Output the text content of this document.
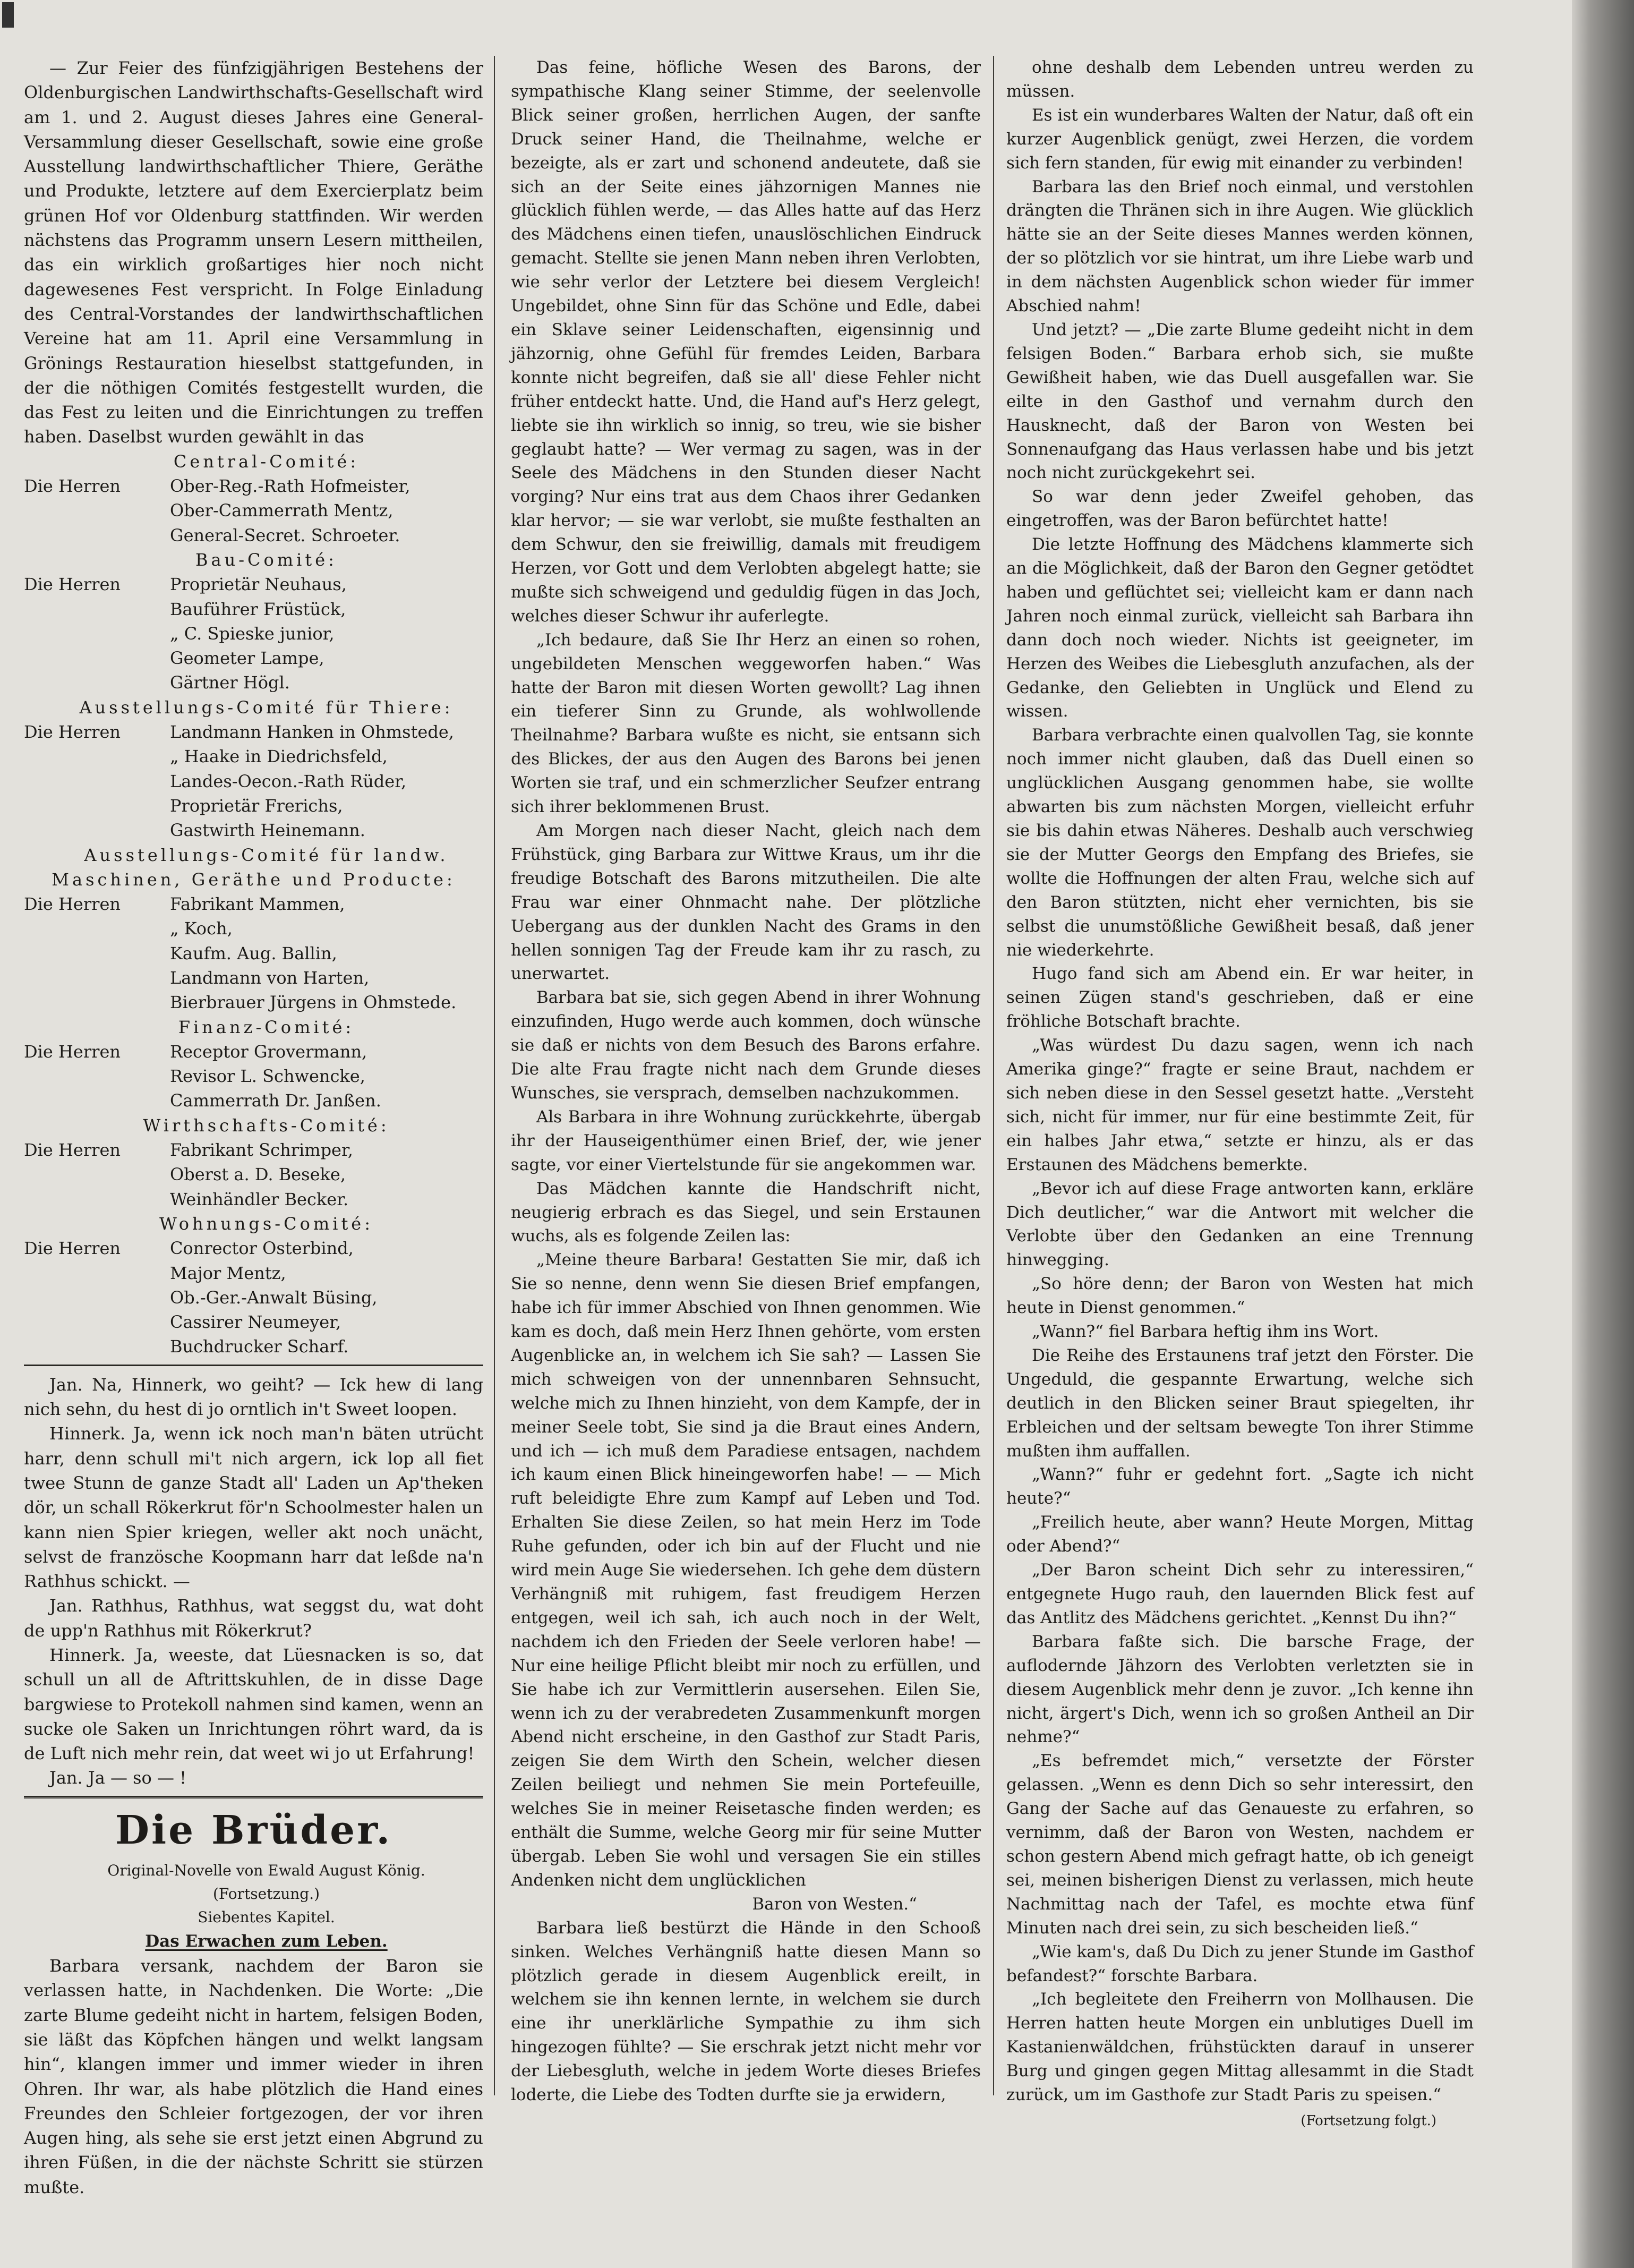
— Zur Feier des fünfzigjährigen Bestehens der Oldenburgischen Landwirthschafts-Gesellschaft wird am 1. und 2. August dieses Jahres eine General-Versammlung dieser Gesellschaft, sowie eine große Ausstellung landwirthschaftlicher Thiere, Geräthe und Produkte, letztere auf dem Exercierplatz beim grünen Hof vor Oldenburg stattfinden. Wir werden nächstens das Programm unsern Lesern mittheilen, das ein wirklich großartiges hier noch nicht dagewesenes Fest verspricht. In Folge Einladung des Central-Vorstandes der landwirthschaftlichen Vereine hat am 11. April eine Versammlung in Grönings Restauration hieselbst stattgefunden, in der die nöthigen Comités festgestellt wurden, die das Fest zu leiten und die Einrichtungen zu treffen haben. Daselbst wurden gewählt in das

Central-Comité:

Die Herren	Ober-Reg.-Rath Hofmeister,
Ober-Cammerrath Mentz,
General-Secret. Schroeter.

Bau-Comité:

Die Herren	Proprietär Neuhaus,
Bauführer Früstück,
„ C. Spieske junior,
Geometer Lampe,
Gärtner Högl.

Ausstellungs-Comité für Thiere:

Die Herren	Landmann Hanken in Ohmstede,
„ Haake in Diedrichsfeld,
Landes-Oecon.-Rath Rüder,
Proprietär Frerichs,
Gastwirth Heinemann.

Ausstellungs-Comité für landw. Maschinen, Geräthe und Producte:

Die Herren	Fabrikant Mammen,
„ Koch,
Kaufm. Aug. Ballin,
Landmann von Harten,
Bierbrauer Jürgens in Ohmstede.

Finanz-Comité:

Die Herren	Receptor Grovermann,
Revisor L. Schwencke,
Cammerrath Dr. Janßen.

Wirthschafts-Comité:

Die Herren	Fabrikant Schrimper,
Oberst a. D. Beseke,
Weinhändler Becker.

Wohnungs-Comité:

Die Herren	Conrector Osterbind,
Major Mentz,
Ob.-Ger.-Anwalt Büsing,
Cassirer Neumeyer,
Buchdrucker Scharf.

Jan. Na, Hinnerk, wo geiht? — Ick hew di lang nich sehn, du hest di jo orntlich in't Sweet loopen.

Hinnerk. Ja, wenn ick noch man'n bäten utrücht harr, denn schull mi't nich argern, ick lop all fiet twee Stunn de ganze Stadt all' Laden un Ap'theken dör, un schall Rökerkrut för'n Schoolmester halen un kann nien Spier kriegen, weller akt noch unächt, selvst de französche Koopmann harr dat leßde na'n Rathhus schickt. —

Jan. Rathhus, Rathhus, wat seggst du, wat doht de upp'n Rathhus mit Rökerkrut?

Hinnerk. Ja, weeste, dat Lüesnacken is so, dat schull un all de Aftrittskuhlen, de in disse Dage bargwiese to Protekoll nahmen sind kamen, wenn an sucke ole Saken un Inrichtungen röhrt ward, da is de Luft nich mehr rein, dat weet wi jo ut Erfahrung!

Jan. Ja — so — !

Die Brüder.

Original-Novelle von Ewald August König.

(Fortsetzung.)

Siebentes Kapitel.

Das Erwachen zum Leben.

Barbara versank, nachdem der Baron sie verlassen hatte, in Nachdenken. Die Worte: „Die zarte Blume gedeiht nicht in hartem, felsigen Boden, sie läßt das Köpfchen hängen und welkt langsam hin“, klangen immer und immer wieder in ihren Ohren. Ihr war, als habe plötzlich die Hand eines Freundes den Schleier fortgezogen, der vor ihren Augen hing, als sehe sie erst jetzt einen Abgrund zu ihren Füßen, in die der nächste Schritt sie stürzen mußte.

Das feine, höfliche Wesen des Barons, der sympathische Klang seiner Stimme, der seelenvolle Blick seiner großen, herrlichen Augen, der sanfte Druck seiner Hand, die Theilnahme, welche er bezeigte, als er zart und schonend andeutete, daß sie sich an der Seite eines jähzornigen Mannes nie glücklich fühlen werde, — das Alles hatte auf das Herz des Mädchens einen tiefen, unauslöschlichen Eindruck gemacht. Stellte sie jenen Mann neben ihren Verlobten, wie sehr verlor der Letztere bei diesem Vergleich! Ungebildet, ohne Sinn für das Schöne und Edle, dabei ein Sklave seiner Leidenschaften, eigensinnig und jähzornig, ohne Gefühl für fremdes Leiden, Barbara konnte nicht begreifen, daß sie all' diese Fehler nicht früher entdeckt hatte. Und, die Hand auf's Herz gelegt, liebte sie ihn wirklich so innig, so treu, wie sie bisher geglaubt hatte? — Wer vermag zu sagen, was in der Seele des Mädchens in den Stunden dieser Nacht vorging? Nur eins trat aus dem Chaos ihrer Gedanken klar hervor; — sie war verlobt, sie mußte festhalten an dem Schwur, den sie freiwillig, damals mit freudigem Herzen, vor Gott und dem Verlobten abgelegt hatte; sie mußte sich schweigend und geduldig fügen in das Joch, welches dieser Schwur ihr auferlegte.

„Ich bedaure, daß Sie Ihr Herz an einen so rohen, ungebildeten Menschen weggeworfen haben.“ Was hatte der Baron mit diesen Worten gewollt? Lag ihnen ein tieferer Sinn zu Grunde, als wohlwollende Theilnahme? Barbara wußte es nicht, sie entsann sich des Blickes, der aus den Augen des Barons bei jenen Worten sie traf, und ein schmerzlicher Seufzer entrang sich ihrer beklommenen Brust.

Am Morgen nach dieser Nacht, gleich nach dem Frühstück, ging Barbara zur Wittwe Kraus, um ihr die freudige Botschaft des Barons mitzutheilen. Die alte Frau war einer Ohnmacht nahe. Der plötzliche Uebergang aus der dunklen Nacht des Grams in den hellen sonnigen Tag der Freude kam ihr zu rasch, zu unerwartet.

Barbara bat sie, sich gegen Abend in ihrer Wohnung einzufinden, Hugo werde auch kommen, doch wünsche sie daß er nichts von dem Besuch des Barons erfahre. Die alte Frau fragte nicht nach dem Grunde dieses Wunsches, sie versprach, demselben nachzukommen.

Als Barbara in ihre Wohnung zurückkehrte, übergab ihr der Hauseigenthümer einen Brief, der, wie jener sagte, vor einer Viertelstunde für sie angekommen war.

Das Mädchen kannte die Handschrift nicht, neugierig erbrach es das Siegel, und sein Erstaunen wuchs, als es folgende Zeilen las:

„Meine theure Barbara! Gestatten Sie mir, daß ich Sie so nenne, denn wenn Sie diesen Brief empfangen, habe ich für immer Abschied von Ihnen genommen. Wie kam es doch, daß mein Herz Ihnen gehörte, vom ersten Augenblicke an, in welchem ich Sie sah? — Lassen Sie mich schweigen von der unnennbaren Sehnsucht, welche mich zu Ihnen hinzieht, von dem Kampfe, der in meiner Seele tobt, Sie sind ja die Braut eines Andern, und ich — ich muß dem Paradiese entsagen, nachdem ich kaum einen Blick hineingeworfen habe! — — Mich ruft beleidigte Ehre zum Kampf auf Leben und Tod. Erhalten Sie diese Zeilen, so hat mein Herz im Tode Ruhe gefunden, oder ich bin auf der Flucht und nie wird mein Auge Sie wiedersehen. Ich gehe dem düstern Verhängniß mit ruhigem, fast freudigem Herzen entgegen, weil ich sah, ich auch noch in der Welt, nachdem ich den Frieden der Seele verloren habe! — Nur eine heilige Pflicht bleibt mir noch zu erfüllen, und Sie habe ich zur Vermittlerin ausersehen. Eilen Sie, wenn ich zu der verabredeten Zusammenkunft morgen Abend nicht erscheine, in den Gasthof zur Stadt Paris, zeigen Sie dem Wirth den Schein, welcher diesen Zeilen beiliegt und nehmen Sie mein Portefeuille, welches Sie in meiner Reisetasche finden werden; es enthält die Summe, welche Georg mir für seine Mutter übergab. Leben Sie wohl und versagen Sie ein stilles Andenken nicht dem unglücklichen

Baron von Westen.“

Barbara ließ bestürzt die Hände in den Schooß sinken. Welches Verhängniß hatte diesen Mann so plötzlich gerade in diesem Augenblick ereilt, in welchem sie ihn kennen lernte, in welchem sie durch eine ihr unerklärliche Sympathie zu ihm sich hingezogen fühlte? — Sie erschrak jetzt nicht mehr vor der Liebesgluth, welche in jedem Worte dieses Briefes loderte, die Liebe des Todten durfte sie ja erwidern,

ohne deshalb dem Lebenden untreu werden zu müssen.

Es ist ein wunderbares Walten der Natur, daß oft ein kurzer Augenblick genügt, zwei Herzen, die vordem sich fern standen, für ewig mit einander zu verbinden!

Barbara las den Brief noch einmal, und verstohlen drängten die Thränen sich in ihre Augen. Wie glücklich hätte sie an der Seite dieses Mannes werden können, der so plötzlich vor sie hintrat, um ihre Liebe warb und in dem nächsten Augenblick schon wieder für immer Abschied nahm!

Und jetzt? — „Die zarte Blume gedeiht nicht in dem felsigen Boden.“ Barbara erhob sich, sie mußte Gewißheit haben, wie das Duell ausgefallen war. Sie eilte in den Gasthof und vernahm durch den Hausknecht, daß der Baron von Westen bei Sonnenaufgang das Haus verlassen habe und bis jetzt noch nicht zurückgekehrt sei.

So war denn jeder Zweifel gehoben, das eingetroffen, was der Baron befürchtet hatte!

Die letzte Hoffnung des Mädchens klammerte sich an die Möglichkeit, daß der Baron den Gegner getödtet haben und geflüchtet sei; vielleicht kam er dann nach Jahren noch einmal zurück, vielleicht sah Barbara ihn dann doch noch wieder. Nichts ist geeigneter, im Herzen des Weibes die Liebesgluth anzufachen, als der Gedanke, den Geliebten in Unglück und Elend zu wissen.

Barbara verbrachte einen qualvollen Tag, sie konnte noch immer nicht glauben, daß das Duell einen so unglücklichen Ausgang genommen habe, sie wollte abwarten bis zum nächsten Morgen, vielleicht erfuhr sie bis dahin etwas Näheres. Deshalb auch verschwieg sie der Mutter Georgs den Empfang des Briefes, sie wollte die Hoffnungen der alten Frau, welche sich auf den Baron stützten, nicht eher vernichten, bis sie selbst die unumstößliche Gewißheit besaß, daß jener nie wiederkehrte.

Hugo fand sich am Abend ein. Er war heiter, in seinen Zügen stand's geschrieben, daß er eine fröhliche Botschaft brachte.

„Was würdest Du dazu sagen, wenn ich nach Amerika ginge?“ fragte er seine Braut, nachdem er sich neben diese in den Sessel gesetzt hatte. „Versteht sich, nicht für immer, nur für eine bestimmte Zeit, für ein halbes Jahr etwa,“ setzte er hinzu, als er das Erstaunen des Mädchens bemerkte.

„Bevor ich auf diese Frage antworten kann, erkläre Dich deutlicher,“ war die Antwort mit welcher die Verlobte über den Gedanken an eine Trennung hinwegging.

„So höre denn; der Baron von Westen hat mich heute in Dienst genommen.“

„Wann?“ fiel Barbara heftig ihm ins Wort.

Die Reihe des Erstaunens traf jetzt den Förster. Die Ungeduld, die gespannte Erwartung, welche sich deutlich in den Blicken seiner Braut spiegelten, ihr Erbleichen und der seltsam bewegte Ton ihrer Stimme mußten ihm auffallen.

„Wann?“ fuhr er gedehnt fort. „Sagte ich nicht heute?“

„Freilich heute, aber wann? Heute Morgen, Mittag oder Abend?“

„Der Baron scheint Dich sehr zu interessiren,“ entgegnete Hugo rauh, den lauernden Blick fest auf das Antlitz des Mädchens gerichtet. „Kennst Du ihn?“

Barbara faßte sich. Die barsche Frage, der auflodernde Jähzorn des Verlobten verletzten sie in diesem Augenblick mehr denn je zuvor. „Ich kenne ihn nicht, ärgert's Dich, wenn ich so großen Antheil an Dir nehme?“

„Es befremdet mich,“ versetzte der Förster gelassen. „Wenn es denn Dich so sehr interessirt, den Gang der Sache auf das Genaueste zu erfahren, so vernimm, daß der Baron von Westen, nachdem er schon gestern Abend mich gefragt hatte, ob ich geneigt sei, meinen bisherigen Dienst zu verlassen, mich heute Nachmittag nach der Tafel, es mochte etwa fünf Minuten nach drei sein, zu sich bescheiden ließ.“

„Wie kam's, daß Du Dich zu jener Stunde im Gasthof befandest?“ forschte Barbara.

„Ich begleitete den Freiherrn von Mollhausen. Die Herren hatten heute Morgen ein unblutiges Duell im Kastanienwäldchen, frühstückten darauf in unserer Burg und gingen gegen Mittag allesammt in die Stadt zurück, um im Gasthofe zur Stadt Paris zu speisen.“

(Fortsetzung folgt.)
